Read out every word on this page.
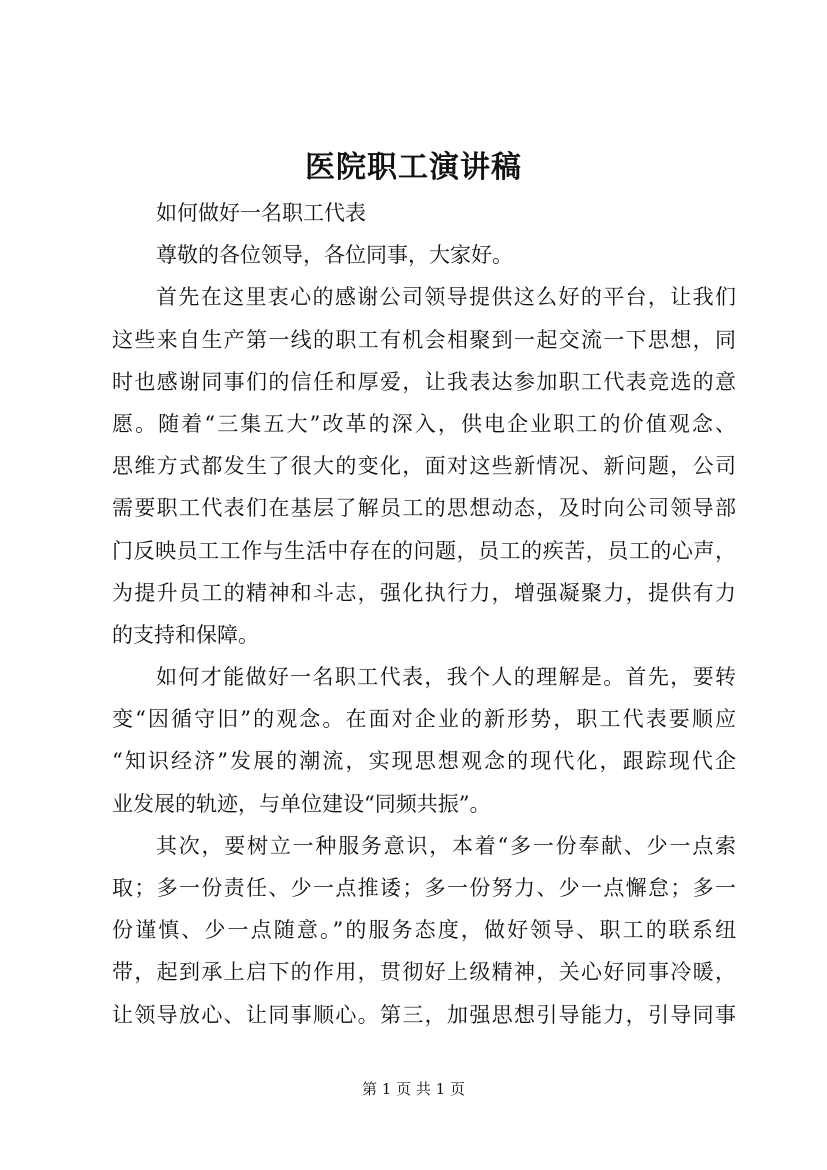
医院职工演讲稿
如何做好一名职工代表
尊敬的各位领导，各位同事，大家好。
首先在这里衷心的感谢公司领导提供这么好的平台，让我们
这些来自生产第一线的职工有机会相聚到一起交流一下思想，同
时也感谢同事们的信任和厚爱，让我表达参加职工代表竞选的意
愿。随着“三集五大”改革的深入，供电企业职工的价值观念、
思维方式都发生了很大的变化，面对这些新情况、新问题，公司
需要职工代表们在基层了解员工的思想动态，及时向公司领导部
门反映员工工作与生活中存在的问题，员工的疾苦，员工的心声，
为提升员工的精神和斗志，强化执行力，增强凝聚力，提供有力
的支持和保障。
如何才能做好一名职工代表，我个人的理解是。首先，要转
变“因循守旧”的观念。在面对企业的新形势，职工代表要顺应
“知识经济”发展的潮流，实现思想观念的现代化，跟踪现代企
业发展的轨迹，与单位建设“同频共振”。
其次，要树立一种服务意识，本着“多一份奉献、少一点索
取；多一份责任、少一点推诿；多一份努力、少一点懈怠；多一
份谨慎、少一点随意。”的服务态度，做好领导、职工的联系纽
带，起到承上启下的作用，贯彻好上级精神，关心好同事冷暖，
让领导放心、让同事顺心。第三，加强思想引导能力，引导同事
第 1 页 共 1 页
